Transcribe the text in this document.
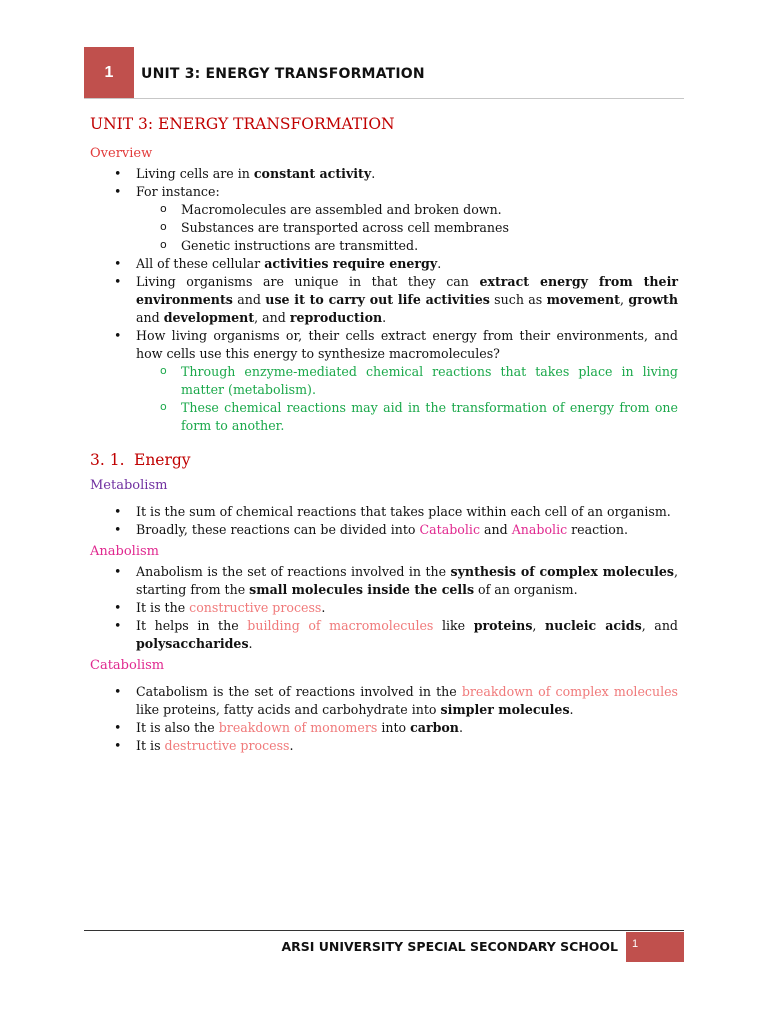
1	UNIT 3: ENERGY TRANSFORMATION
UNIT 3: ENERGY TRANSFORMATION
Overview
• Living cells are in constant activity.
• For instance:
o Macromolecules are assembled and broken down.
o Substances are transported across cell membranes
o Genetic instructions are transmitted.
• All of these cellular activities require energy.
• Living organisms are unique in that they can extract energy from their environments and use it to carry out life activities such as movement, growth and development, and reproduction.
• How living organisms or, their cells extract energy from their environments, and how cells use this energy to synthesize macromolecules?
o Through enzyme-mediated chemical reactions that takes place in living matter (metabolism).
o These chemical reactions may aid in the transformation of energy from one form to another.
3. 1. Energy
Metabolism
• It is the sum of chemical reactions that takes place within each cell of an organism.
• Broadly, these reactions can be divided into Catabolic and Anabolic reaction.
Anabolism
• Anabolism is the set of reactions involved in the synthesis of complex molecules, starting from the small molecules inside the cells of an organism.
• It is the constructive process.
• It helps in the building of macromolecules like proteins, nucleic acids, and polysaccharides.
Catabolism
• Catabolism is the set of reactions involved in the breakdown of complex molecules like proteins, fatty acids and carbohydrate into simpler molecules.
• It is also the breakdown of monomers into carbon.
• It is destructive process.
ARSI UNIVERSITY SPECIAL SECONDARY SCHOOL	1
